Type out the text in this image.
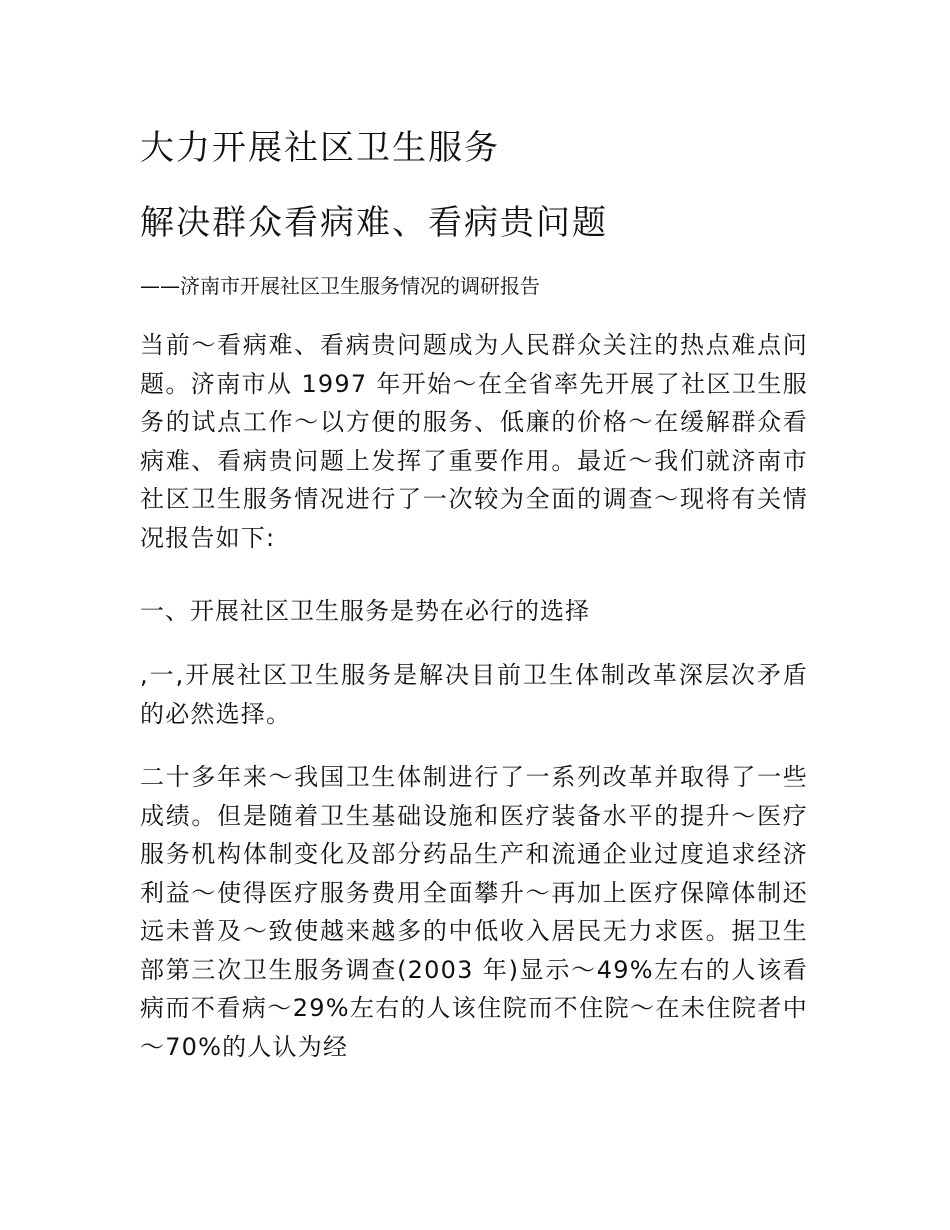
大力开展社区卫生服务
解决群众看病难、看病贵问题

——济南市开展社区卫生服务情况的调研报告

当前～看病难、看病贵问题成为人民群众关注的热点难点问题。济南市从 1997 年开始～在全省率先开展了社区卫生服务的试点工作～以方便的服务、低廉的价格～在缓解群众看病难、看病贵问题上发挥了重要作用。最近～我们就济南市社区卫生服务情况进行了一次较为全面的调查～现将有关情况报告如下:

一、开展社区卫生服务是势在必行的选择

,一,开展社区卫生服务是解决目前卫生体制改革深层次矛盾的必然选择。

二十多年来～我国卫生体制进行了一系列改革并取得了一些成绩。但是随着卫生基础设施和医疗装备水平的提升～医疗服务机构体制变化及部分药品生产和流通企业过度追求经济利益～使得医疗服务费用全面攀升～再加上医疗保障体制还远未普及～致使越来越多的中低收入居民无力求医。据卫生部第三次卫生服务调查(2003 年)显示～49%左右的人该看病而不看病～29%左右的人该住院而不住院～在未住院者中～70%的人认为经
